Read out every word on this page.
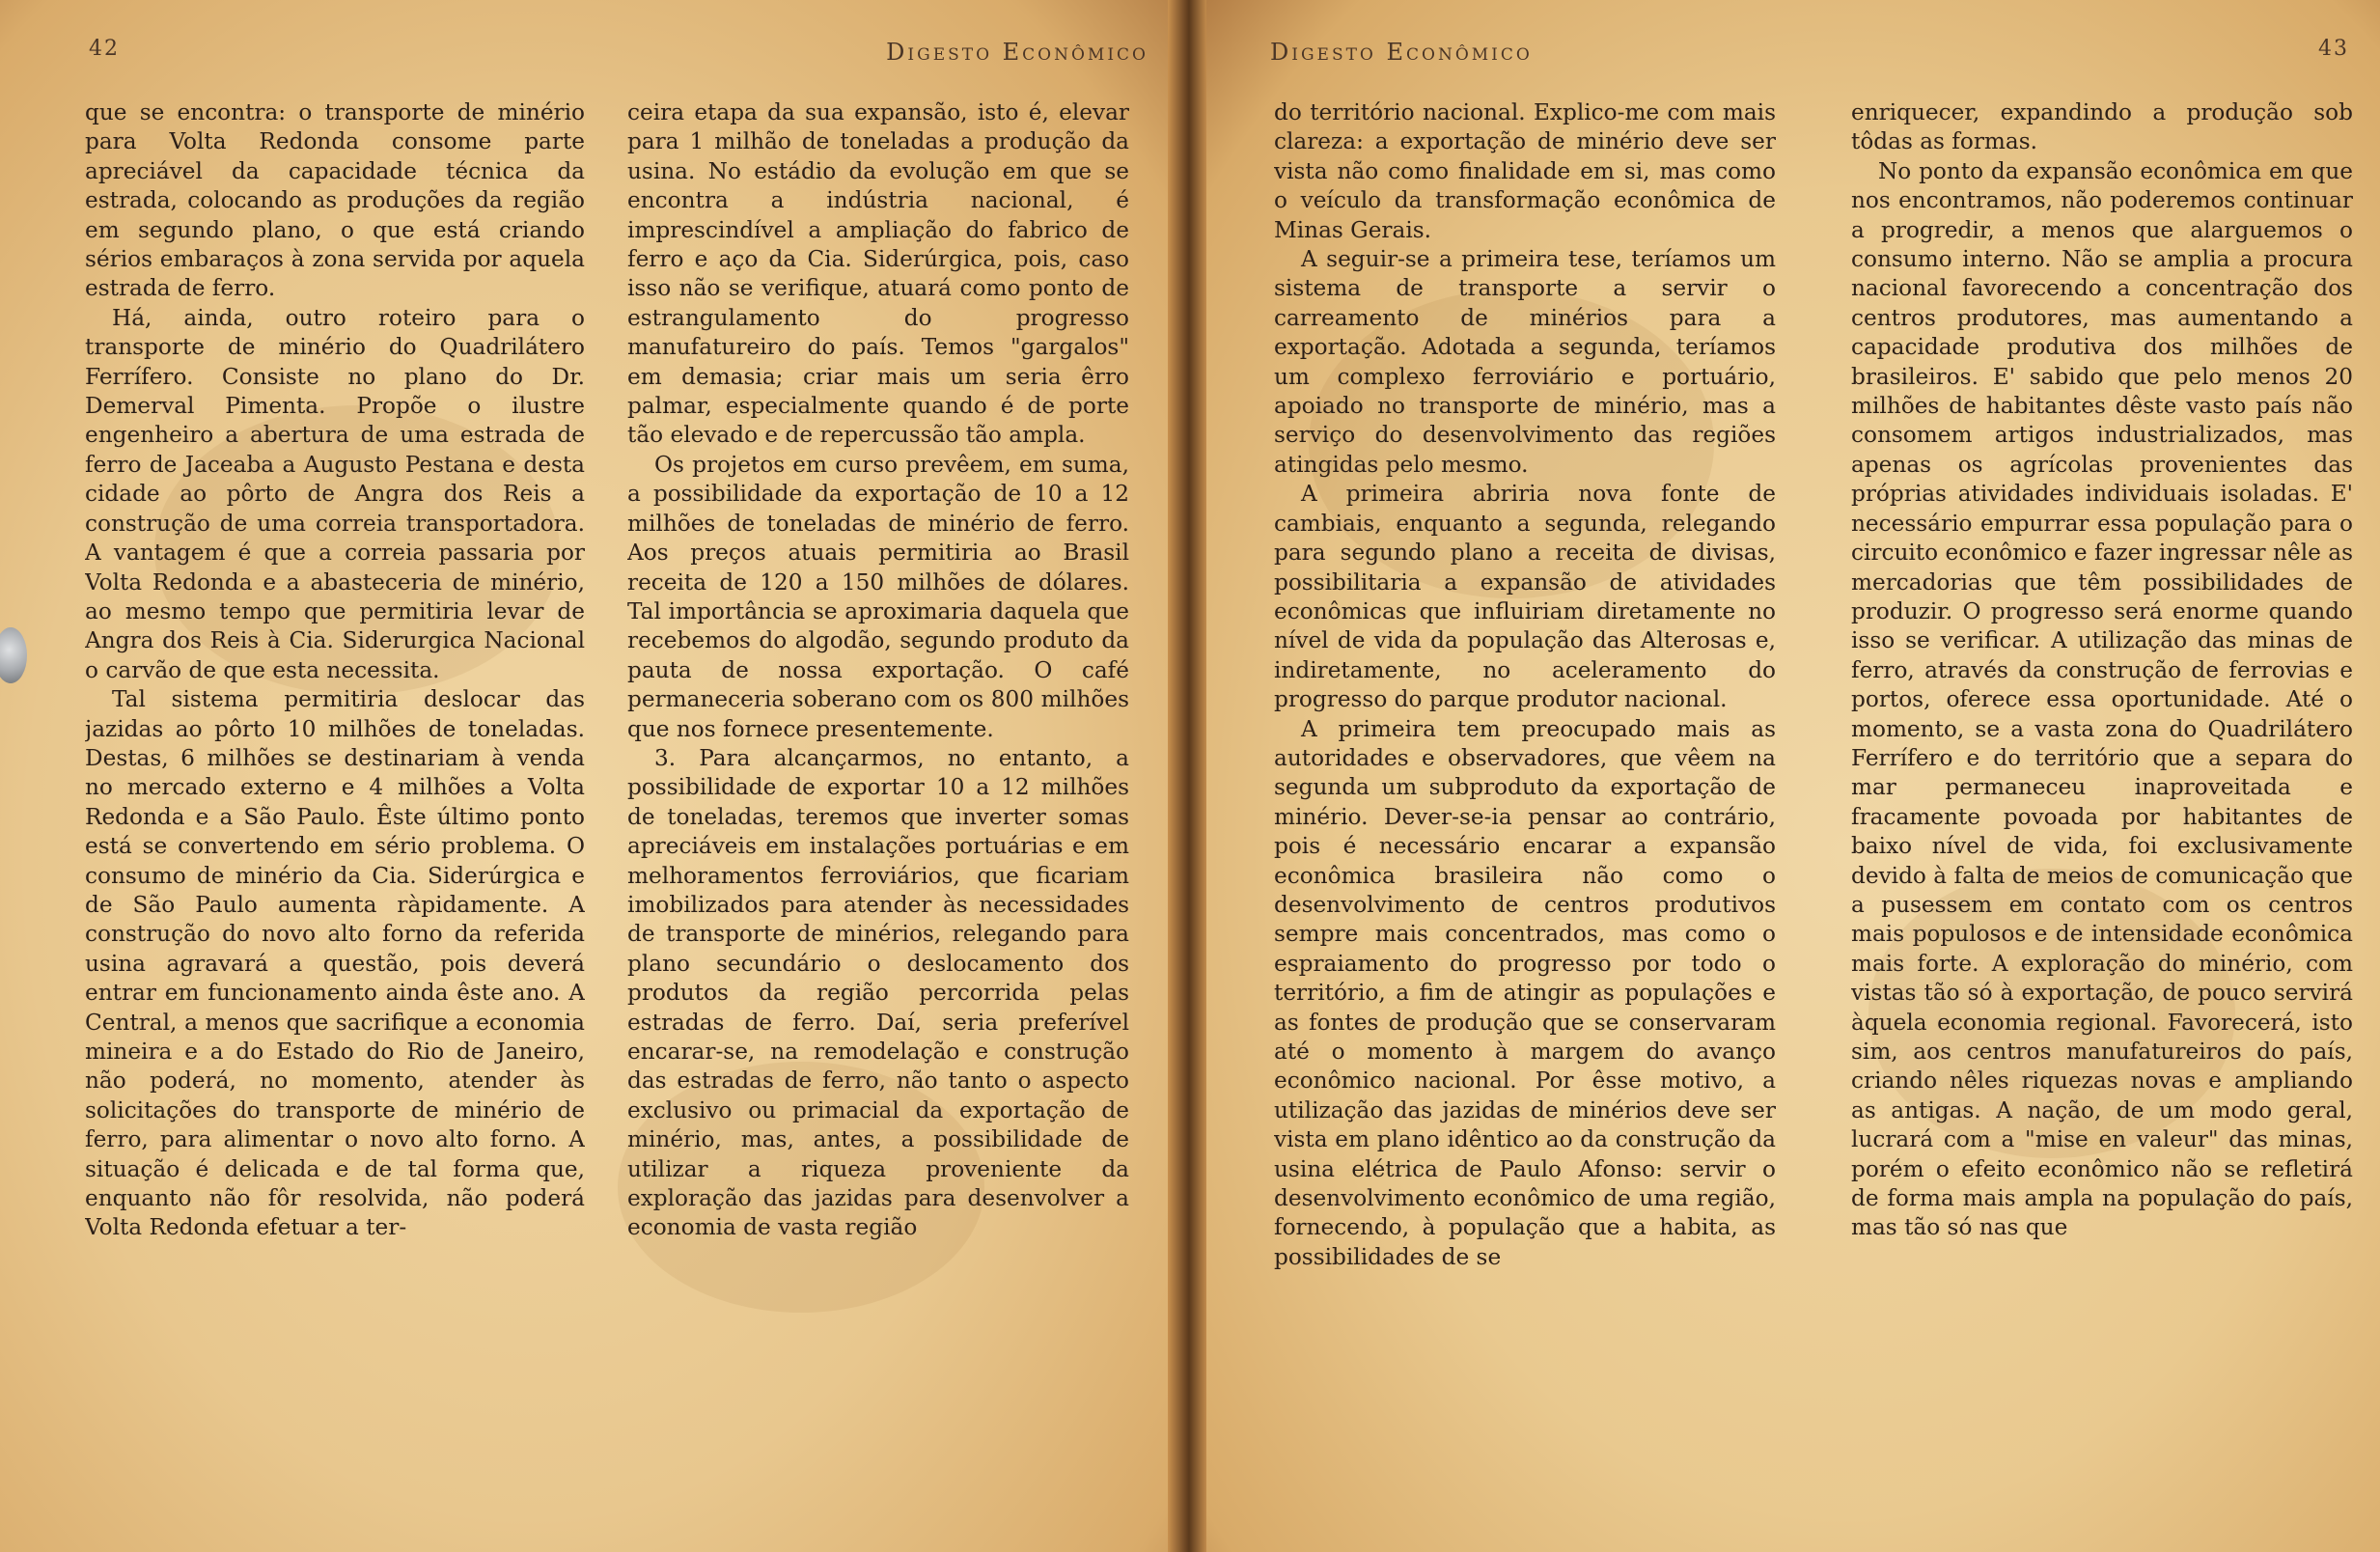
42	Digesto Econômico

que se encontra: o transporte de minério para Volta Redonda consome parte apreciável da capacidade técnica da estrada, colocando as produções da região em segundo plano, o que está criando sérios embaraços à zona servida por aquela estrada de ferro.

Há, ainda, outro roteiro para o transporte de minério do Quadrilátero Ferrífero. Consiste no plano do Dr. Demerval Pimenta. Propõe o ilustre engenheiro a abertura de uma estrada de ferro de Jaceaba a Augusto Pestana e desta cidade ao pôrto de Angra dos Reis a construção de uma correia transportadora. A vantagem é que a correia passaria por Volta Redonda e a abasteceria de minério, ao mesmo tempo que permitiria levar de Angra dos Reis à Cia. Siderurgica Nacional o carvão de que esta necessita.

Tal sistema permitiria deslocar das jazidas ao pôrto 10 milhões de toneladas. Destas, 6 milhões se destinariam à venda no mercado externo e 4 milhões a Volta Redonda e a São Paulo. Êste último ponto está se convertendo em sério problema. O consumo de minério da Cia. Siderúrgica e de São Paulo aumenta ràpidamente. A construção do novo alto forno da referida usina agravará a questão, pois deverá entrar em funcionamento ainda êste ano. A Central, a menos que sacrifique a economia mineira e a do Estado do Rio de Janeiro, não poderá, no momento, atender às solicitações do transporte de minério de ferro, para alimentar o novo alto forno. A situação é delicada e de tal forma que, enquanto não fôr resolvida, não poderá Volta Redonda efetuar a ter-

ceira etapa da sua expansão, isto é, elevar para 1 milhão de toneladas a produção da usina. No estádio da evolução em que se encontra a indústria nacional, é imprescindível a ampliação do fabrico de ferro e aço da Cia. Siderúrgica, pois, caso isso não se verifique, atuará como ponto de estrangulamento do progresso manufatureiro do país. Temos "gargalos" em demasia; criar mais um seria êrro palmar, especialmente quando é de porte tão elevado e de repercussão tão ampla.

Os projetos em curso prevêem, em suma, a possibilidade da exportação de 10 a 12 milhões de toneladas de minério de ferro. Aos preços atuais permitiria ao Brasil receita de 120 a 150 milhões de dólares. Tal importância se aproximaria daquela que recebemos do algodão, segundo produto da pauta de nossa exportação. O café permaneceria soberano com os 800 milhões que nos fornece presentemente.

3. Para alcançarmos, no entanto, a possibilidade de exportar 10 a 12 milhões de toneladas, teremos que inverter somas apreciáveis em instalações portuárias e em melhoramentos ferroviários, que ficariam imobilizados para atender às necessidades de transporte de minérios, relegando para plano secundário o deslocamento dos produtos da região percorrida pelas estradas de ferro. Daí, seria preferível encarar-se, na remodelação e construção das estradas de ferro, não tanto o aspecto exclusivo ou primacial da exportação de minério, mas, antes, a possibilidade de utilizar a riqueza proveniente da exploração das jazidas para desenvolver a economia de vasta região

Digesto Econômico	43

do território nacional. Explico-me com mais clareza: a exportação de minério deve ser vista não como finalidade em si, mas como o veículo da transformação econômica de Minas Gerais.

A seguir-se a primeira tese, teríamos um sistema de transporte a servir o carreamento de minérios para a exportação. Adotada a segunda, teríamos um complexo ferroviário e portuário, apoiado no transporte de minério, mas a serviço do desenvolvimento das regiões atingidas pelo mesmo.

A primeira abriria nova fonte de cambiais, enquanto a segunda, relegando para segundo plano a receita de divisas, possibilitaria a expansão de atividades econômicas que influiriam diretamente no nível de vida da população das Alterosas e, indiretamente, no aceleramento do progresso do parque produtor nacional.

A primeira tem preocupado mais as autoridades e observadores, que vêem na segunda um subproduto da exportação de minério. Dever-se-ia pensar ao contrário, pois é necessário encarar a expansão econômica brasileira não como o desenvolvimento de centros produtivos sempre mais concentrados, mas como o espraiamento do progresso por todo o território, a fim de atingir as populações e as fontes de produção que se conservaram até o momento à margem do avanço econômico nacional. Por êsse motivo, a utilização das jazidas de minérios deve ser vista em plano idêntico ao da construção da usina elétrica de Paulo Afonso: servir o desenvolvimento econômico de uma região, fornecendo, à população que a habita, as possibilidades de se

enriquecer, expandindo a produção sob tôdas as formas.

No ponto da expansão econômica em que nos encontramos, não poderemos continuar a progredir, a menos que alarguemos o consumo interno. Não se amplia a procura nacional favorecendo a concentração dos centros produtores, mas aumentando a capacidade produtiva dos milhões de brasileiros. E' sabido que pelo menos 20 milhões de habitantes dêste vasto país não consomem artigos industrializados, mas apenas os agrícolas provenientes das próprias atividades individuais isoladas. E' necessário empurrar essa população para o circuito econômico e fazer ingressar nêle as mercadorias que têm possibilidades de produzir. O progresso será enorme quando isso se verificar. A utilização das minas de ferro, através da construção de ferrovias e portos, oferece essa oportunidade. Até o momento, se a vasta zona do Quadrilátero Ferrífero e do território que a separa do mar permaneceu inaproveitada e fracamente povoada por habitantes de baixo nível de vida, foi exclusivamente devido à falta de meios de comunicação que a pusessem em contato com os centros mais populosos e de intensidade econômica mais forte. A exploração do minério, com vistas tão só à exportação, de pouco servirá àquela economia regional. Favorecerá, isto sim, aos centros manufatureiros do país, criando nêles riquezas novas e ampliando as antigas. A nação, de um modo geral, lucrará com a "mise en valeur" das minas, porém o efeito econômico não se refletirá de forma mais ampla na população do país, mas tão só nas que
